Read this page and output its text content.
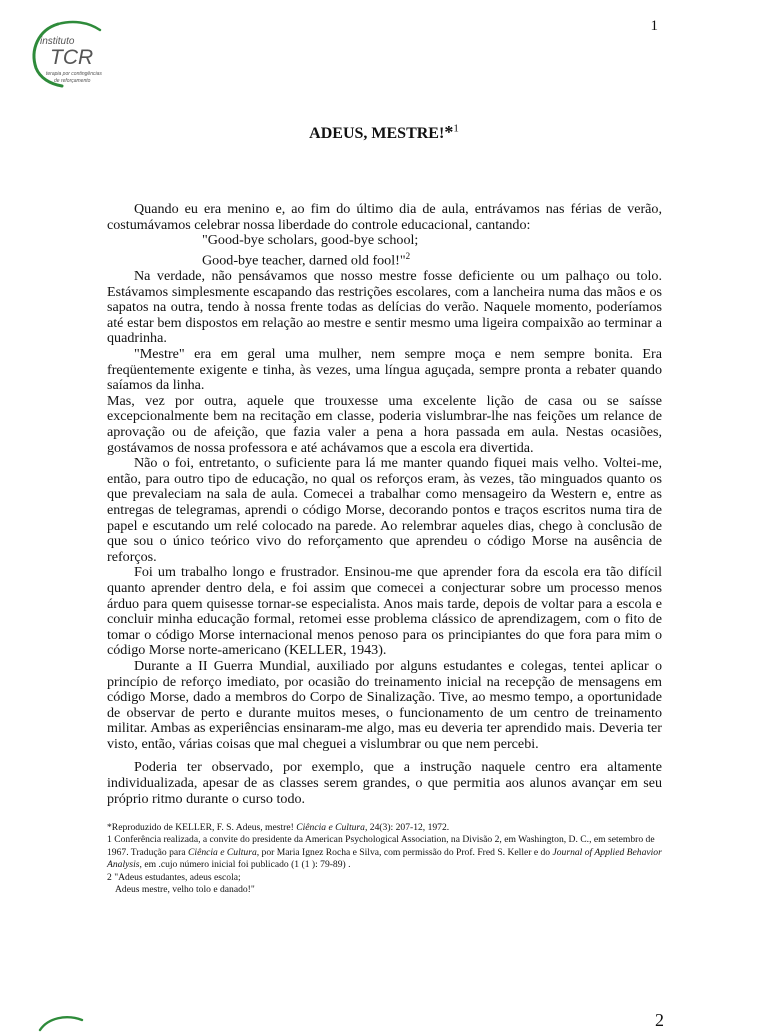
1
instituto
TCR
terapia por contingências
de reforçamento
ADEUS, MESTRE!*$^1$

Quando eu era menino e, ao fim do último dia de aula, entrávamos nas férias de verão, costumávamos celebrar nossa liberdade do controle educacional, cantando:

"Good-bye scholars, good-bye school;

Good-bye teacher, darned old fool!"$^2$

Na verdade, não pensávamos que nosso mestre fosse deficiente ou um palhaço ou tolo. Estávamos simplesmente escapando das restrições escolares, com a lancheira numa das mãos e os sapatos na outra, tendo à nossa frente todas as delícias do verão. Naquele momento, poderíamos até estar bem dispostos em relação ao mestre e sentir mesmo uma ligeira compaixão ao terminar a quadrinha.

"Mestre" era em geral uma mulher, nem sempre moça e nem sempre bonita. Era freqüentemente exigente e tinha, às vezes, uma língua aguçada, sempre pronta a rebater quando saíamos da linha.

Mas, vez por outra, aquele que trouxesse uma excelente lição de casa ou se saísse excepcionalmente bem na recitação em classe, poderia vislumbrar-lhe nas feições um relance de aprovação ou de afeição, que fazia valer a pena a hora passada em aula. Nestas ocasiões, gostávamos de nossa professora e até achávamos que a escola era divertida.

Não o foi, entretanto, o suficiente para lá me manter quando fiquei mais velho. Voltei-me, então, para outro tipo de educação, no qual os reforços eram, às vezes, tão minguados quanto os que prevaleciam na sala de aula. Comecei a trabalhar como mensageiro da Western e, entre as entregas de telegramas, aprendi o código Morse, decorando pontos e traços escritos numa tira de papel e escutando um relé colocado na parede. Ao relembrar aqueles dias, chego à conclusão de que sou o único teórico vivo do reforçamento que aprendeu o código Morse na ausência de reforços.

Foi um trabalho longo e frustrador. Ensinou-me que aprender fora da escola era tão difícil quanto aprender dentro dela, e foi assim que comecei a conjecturar sobre um processo menos árduo para quem quisesse tornar-se especialista. Anos mais tarde, depois de voltar para a escola e concluir minha educação formal, retomei esse problema clássico de aprendizagem, com o fito de tomar o código Morse internacional menos penoso para os principiantes do que fora para mim o código Morse norte-americano (KELLER, 1943).

Durante a II Guerra Mundial, auxiliado por alguns estudantes e colegas, tentei aplicar o princípio de reforço imediato, por ocasião do treinamento inicial na recepção de mensagens em código Morse, dado a membros do Corpo de Sinalização. Tive, ao mesmo tempo, a oportunidade de observar de perto e durante muitos meses, o funcionamento de um centro de treinamento militar. Ambas as experiências ensinaram-me algo, mas eu deveria ter aprendido mais. Deveria ter visto, então, várias coisas que mal cheguei a vislumbrar ou que nem percebi.

Poderia ter observado, por exemplo, que a instrução naquele centro era altamente individualizada, apesar de as classes serem grandes, o que permitia aos alunos avançar em seu próprio ritmo durante o curso todo.

*Reproduzido de KELLER, F. S. Adeus, mestre! Ciência e Cultura, 24(3): 207-12, 1972.

1 Conferência realizada, a convite do presidente da American Psychological Association, na Divisão 2, em Washington, D. C., em setembro de 1967. Tradução para Ciência e Cultura, por Maria Ignez Rocha e Silva, com permissão do Prof. Fred S. Keller e do Journal of Applied Behavior Analysis, em .cujo número inicial foi publicado (1 (1 ): 79-89) .

2 "Adeus estudantes, adeus escola;

Adeus mestre, velho tolo e danado!"

2
